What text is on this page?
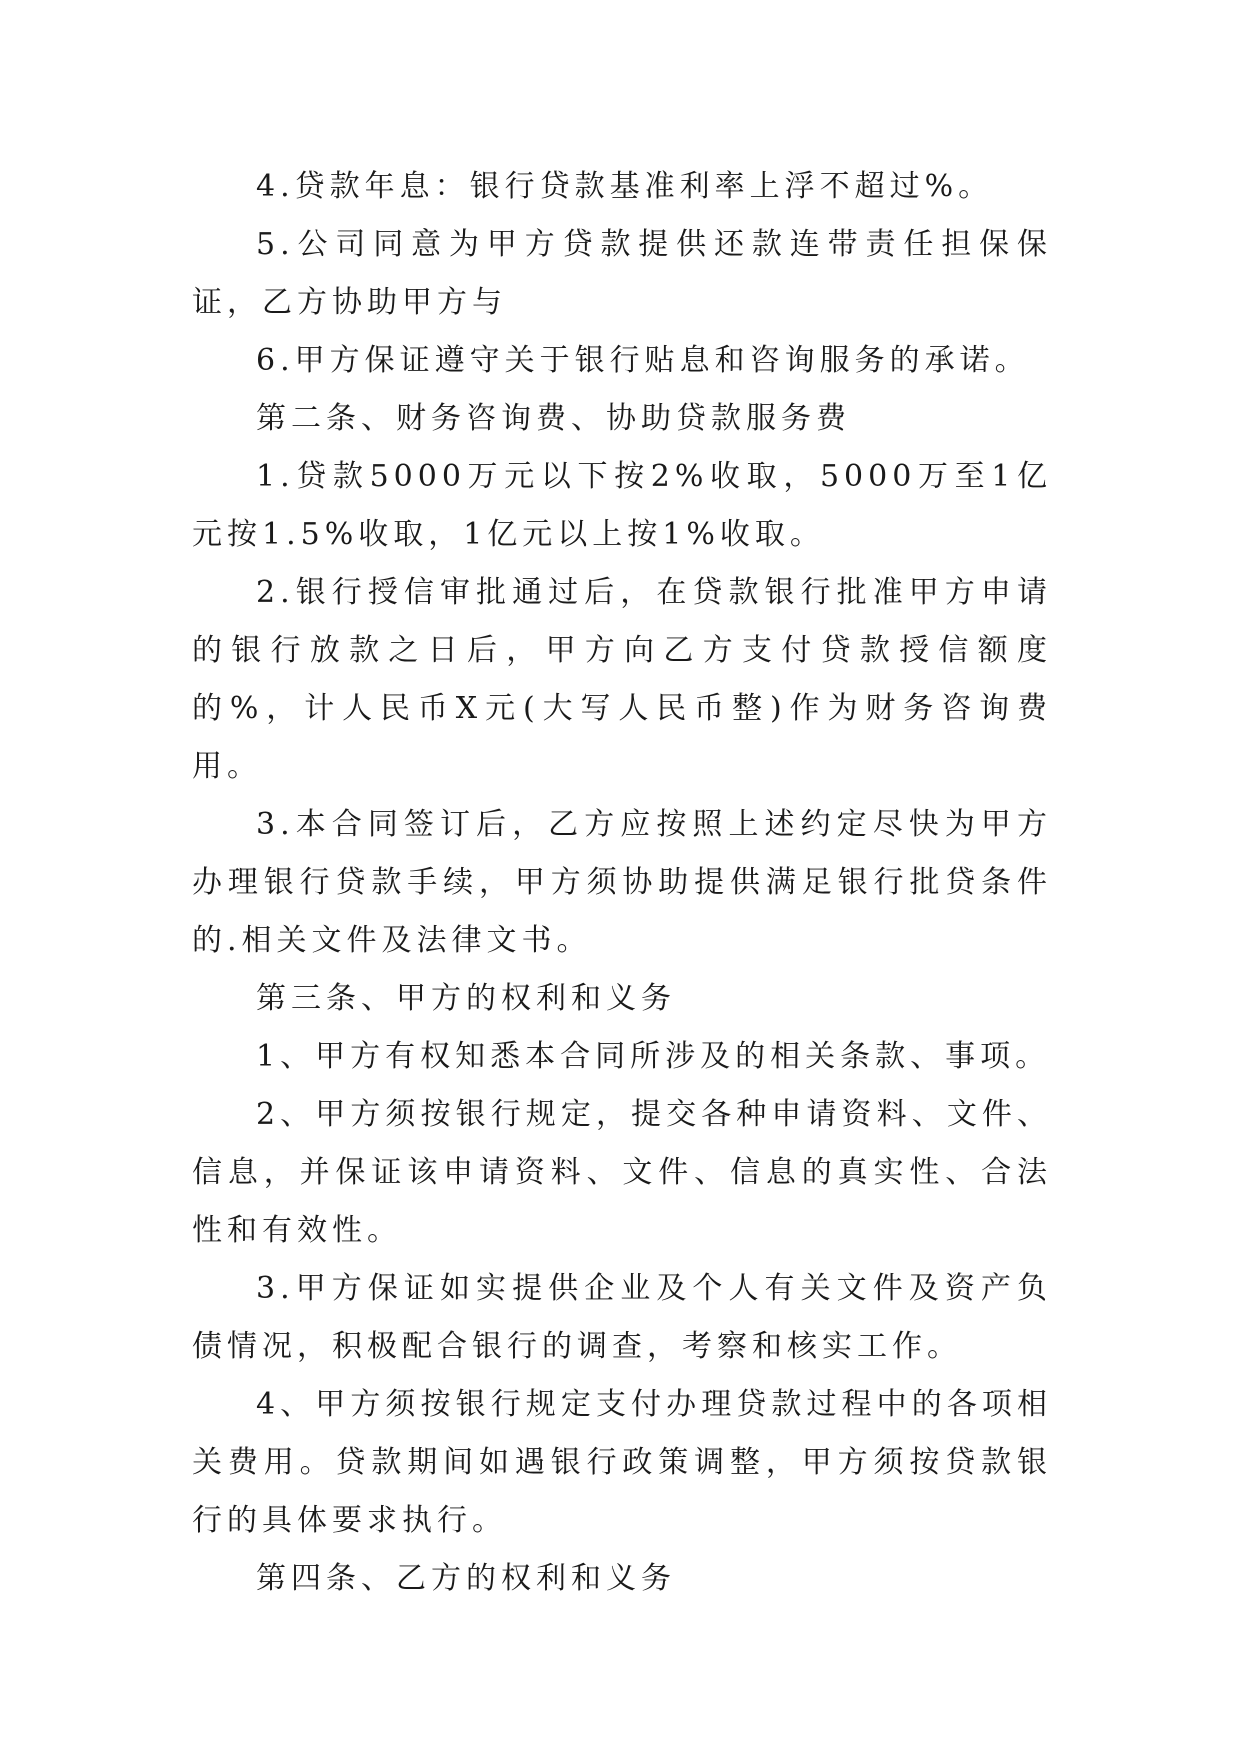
4.贷款年息：银行贷款基准利率上浮不超过%。

5.公司同意为甲方贷款提供还款连带责任担保保证，乙方协助甲方与

6.甲方保证遵守关于银行贴息和咨询服务的承诺。

第二条、财务咨询费、协助贷款服务费

1.贷款5000万元以下按2%收取，5000万至1亿元按1.5%收取，1亿元以上按1%收取。

2.银行授信审批通过后，在贷款银行批准甲方申请的银行放款之日后，甲方向乙方支付贷款授信额度的%，计人民币X元(大写人民币整)作为财务咨询费用。

3.本合同签订后，乙方应按照上述约定尽快为甲方办理银行贷款手续，甲方须协助提供满足银行批贷条件的.相关文件及法律文书。

第三条、甲方的权利和义务

1、甲方有权知悉本合同所涉及的相关条款、事项。

2、甲方须按银行规定，提交各种申请资料、文件、信息，并保证该申请资料、文件、信息的真实性、合法性和有效性。

3.甲方保证如实提供企业及个人有关文件及资产负债情况，积极配合银行的调查，考察和核实工作。

4、甲方须按银行规定支付办理贷款过程中的各项相关费用。贷款期间如遇银行政策调整，甲方须按贷款银行的具体要求执行。

第四条、乙方的权利和义务
